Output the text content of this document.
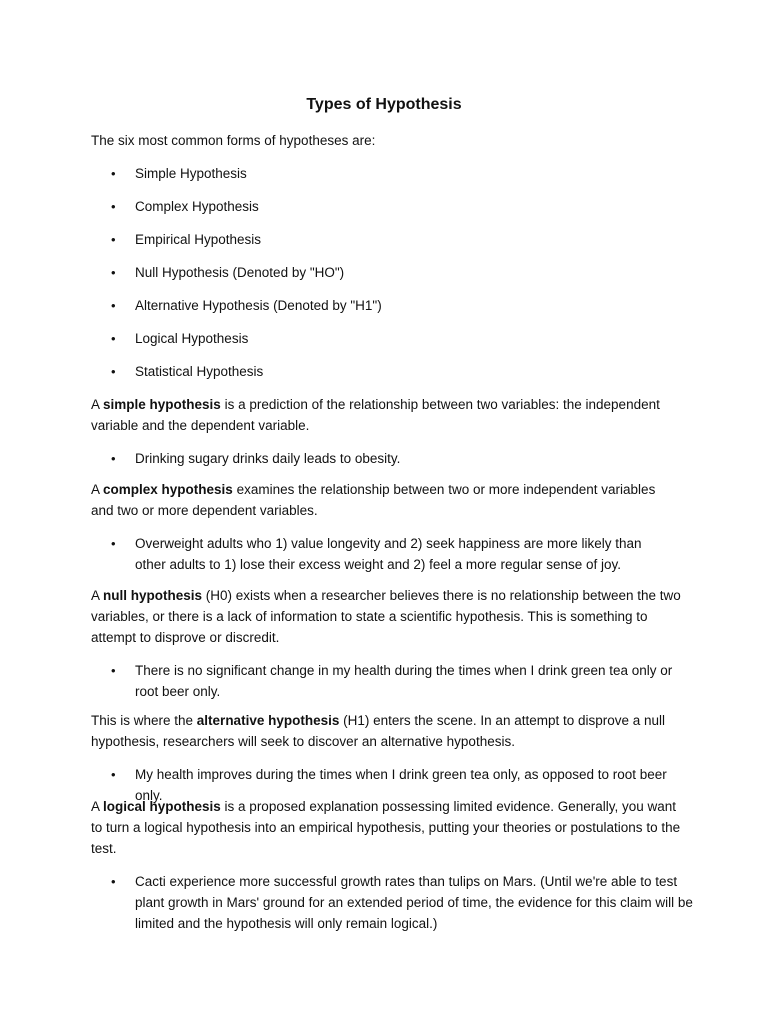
Types of Hypothesis
The six most common forms of hypotheses are:
• Simple Hypothesis
• Complex Hypothesis
• Empirical Hypothesis
• Null Hypothesis (Denoted by "HO")
• Alternative Hypothesis (Denoted by "H1")
• Logical Hypothesis
• Statistical Hypothesis

A simple hypothesis is a prediction of the relationship between two variables: the independent variable and the dependent variable.

• Drinking sugary drinks daily leads to obesity.

A complex hypothesis examines the relationship between two or more independent variables and two or more dependent variables.

• Overweight adults who 1) value longevity and 2) seek happiness are more likely than other adults to 1) lose their excess weight and 2) feel a more regular sense of joy.

A null hypothesis (H0) exists when a researcher believes there is no relationship between the two variables, or there is a lack of information to state a scientific hypothesis. This is something to attempt to disprove or discredit.

• There is no significant change in my health during the times when I drink green tea only or root beer only.

This is where the alternative hypothesis (H1) enters the scene. In an attempt to disprove a null hypothesis, researchers will seek to discover an alternative hypothesis.

• My health improves during the times when I drink green tea only, as opposed to root beer only.

A logical hypothesis is a proposed explanation possessing limited evidence. Generally, you want to turn a logical hypothesis into an empirical hypothesis, putting your theories or postulations to the test.

• Cacti experience more successful growth rates than tulips on Mars. (Until we're able to test plant growth in Mars' ground for an extended period of time, the evidence for this claim will be limited and the hypothesis will only remain logical.)
